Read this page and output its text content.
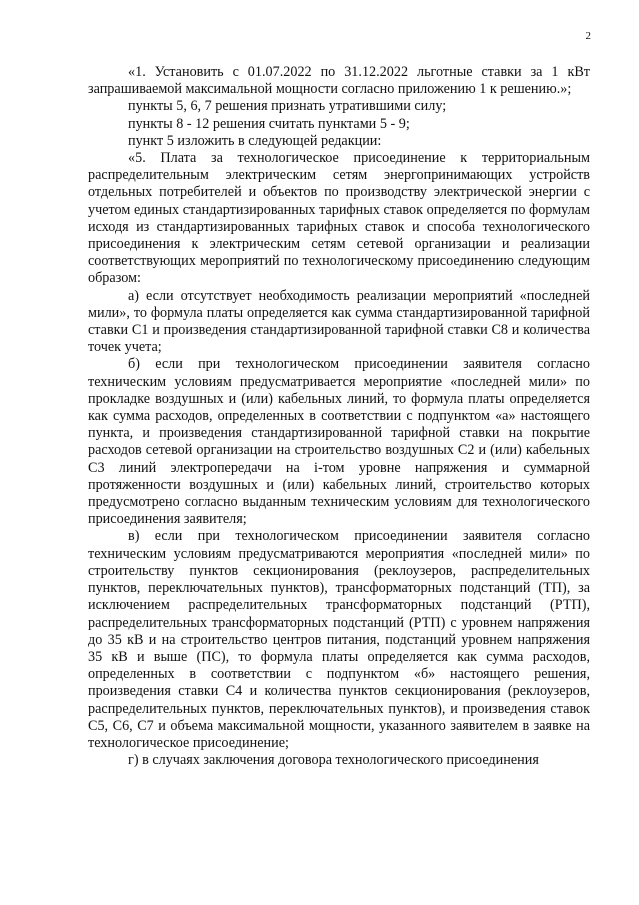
2

«1. Установить с 01.07.2022 по 31.12.2022 льготные ставки за 1 кВт запрашиваемой максимальной мощности согласно приложению 1 к решению.»;

пункты 5, 6, 7 решения признать утратившими силу;

пункты 8 - 12 решения считать пунктами 5 - 9;

пункт 5 изложить в следующей редакции:

«5. Плата за технологическое присоединение к территориальным распределительным электрическим сетям энергопринимающих устройств отдельных потребителей и объектов по производству электрической энергии с учетом единых стандартизированных тарифных ставок определяется по формулам исходя из стандартизированных тарифных ставок и способа технологического присоединения к электрическим сетям сетевой организации и реализации соответствующих мероприятий по технологическому присоединению следующим образом:

а) если отсутствует необходимость реализации мероприятий «последней мили», то формула платы определяется как сумма стандартизированной тарифной ставки С1 и произведения стандартизированной тарифной ставки С8 и количества точек учета;

б) если при технологическом присоединении заявителя согласно техническим условиям предусматривается мероприятие «последней мили» по прокладке воздушных и (или) кабельных линий, то формула платы определяется как сумма расходов, определенных в соответствии с подпунктом «а» настоящего пункта, и произведения стандартизированной тарифной ставки на покрытие расходов сетевой организации на строительство воздушных С2 и (или) кабельных С3 линий электропередачи на i-том уровне напряжения и суммарной протяженности воздушных и (или) кабельных линий, строительство которых предусмотрено согласно выданным техническим условиям для технологического присоединения заявителя;

в) если при технологическом присоединении заявителя согласно техническим условиям предусматриваются мероприятия «последней мили» по строительству пунктов секционирования (реклоузеров, распределительных пунктов, переключательных пунктов), трансформаторных подстанций (ТП), за исключением распределительных трансформаторных подстанций (РТП), распределительных трансформаторных подстанций (РТП) с уровнем напряжения до 35 кВ и на строительство центров питания, подстанций уровнем напряжения 35 кВ и выше (ПС), то формула платы определяется как сумма расходов, определенных в соответствии с подпунктом «б» настоящего решения, произведения ставки С4 и количества пунктов секционирования (реклоузеров, распределительных пунктов, переключательных пунктов), и произведения ставок С5, С6, С7 и объема максимальной мощности, указанного заявителем в заявке на технологическое присоединение;

г) в случаях заключения договора технологического присоединения
